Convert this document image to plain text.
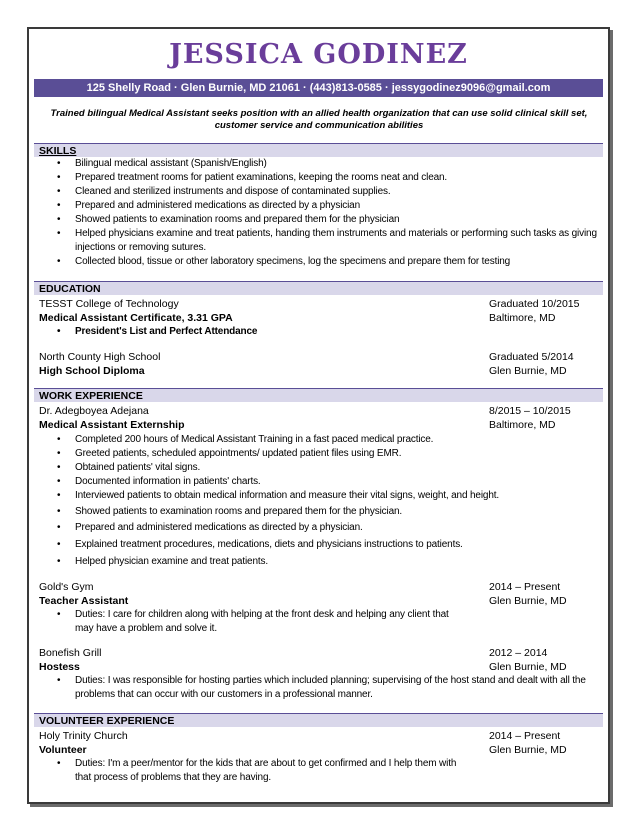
JESSICA GODINEZ
125 Shelly Road · Glen Burnie, MD 21061 · (443)813-0585 · jessygodinez9096@gmail.com
Trained bilingual Medical Assistant seeks position with an allied health organization that can use solid clinical skill set, customer service and communication abilities
SKILLS
• Bilingual medical assistant (Spanish/English)
• Prepared treatment rooms for patient examinations, keeping the rooms neat and clean.
• Cleaned and sterilized instruments and dispose of contaminated supplies.
• Prepared and administered medications as directed by a physician
• Showed patients to examination rooms and prepared them for the physician
• Helped physicians examine and treat patients, handing them instruments and materials or performing such tasks as giving injections or removing sutures.
• Collected blood, tissue or other laboratory specimens, log the specimens and prepare them for testing
EDUCATION
TESST College of Technology	Graduated 10/2015
Medical Assistant Certificate, 3.31 GPA	Baltimore, MD
• President's List and Perfect Attendance
North County High School	Graduated 5/2014
High School Diploma	Glen Burnie, MD
WORK EXPERIENCE
Dr. Adegboyea Adejana	8/2015 – 10/2015
Medical Assistant Externship	Baltimore, MD
• Completed 200 hours of Medical Assistant Training in a fast paced medical practice.
• Greeted patients, scheduled appointments/ updated patient files using EMR.
• Obtained patients' vital signs.
• Documented information in patients' charts.
• Interviewed patients to obtain medical information and measure their vital signs, weight, and height.
• Showed patients to examination rooms and prepared them for the physician.
• Prepared and administered medications as directed by a physician.
• Explained treatment procedures, medications, diets and physicians instructions to patients.
• Helped physician examine and treat patients.
Gold's Gym	2014 – Present
Teacher Assistant	Glen Burnie, MD
• Duties: I care for children along with helping at the front desk and helping any client that may have a problem and solve it.
Bonefish Grill	2012 – 2014
Hostess	Glen Burnie, MD
• Duties: I was responsible for hosting parties which included planning; supervising of the host stand and dealt with all the problems that can occur with our customers in a professional manner.
VOLUNTEER EXPERIENCE
Holy Trinity Church	2014 – Present
Volunteer	Glen Burnie, MD
• Duties: I'm a peer/mentor for the kids that are about to get confirmed and I help them with that process of problems that they are having.
